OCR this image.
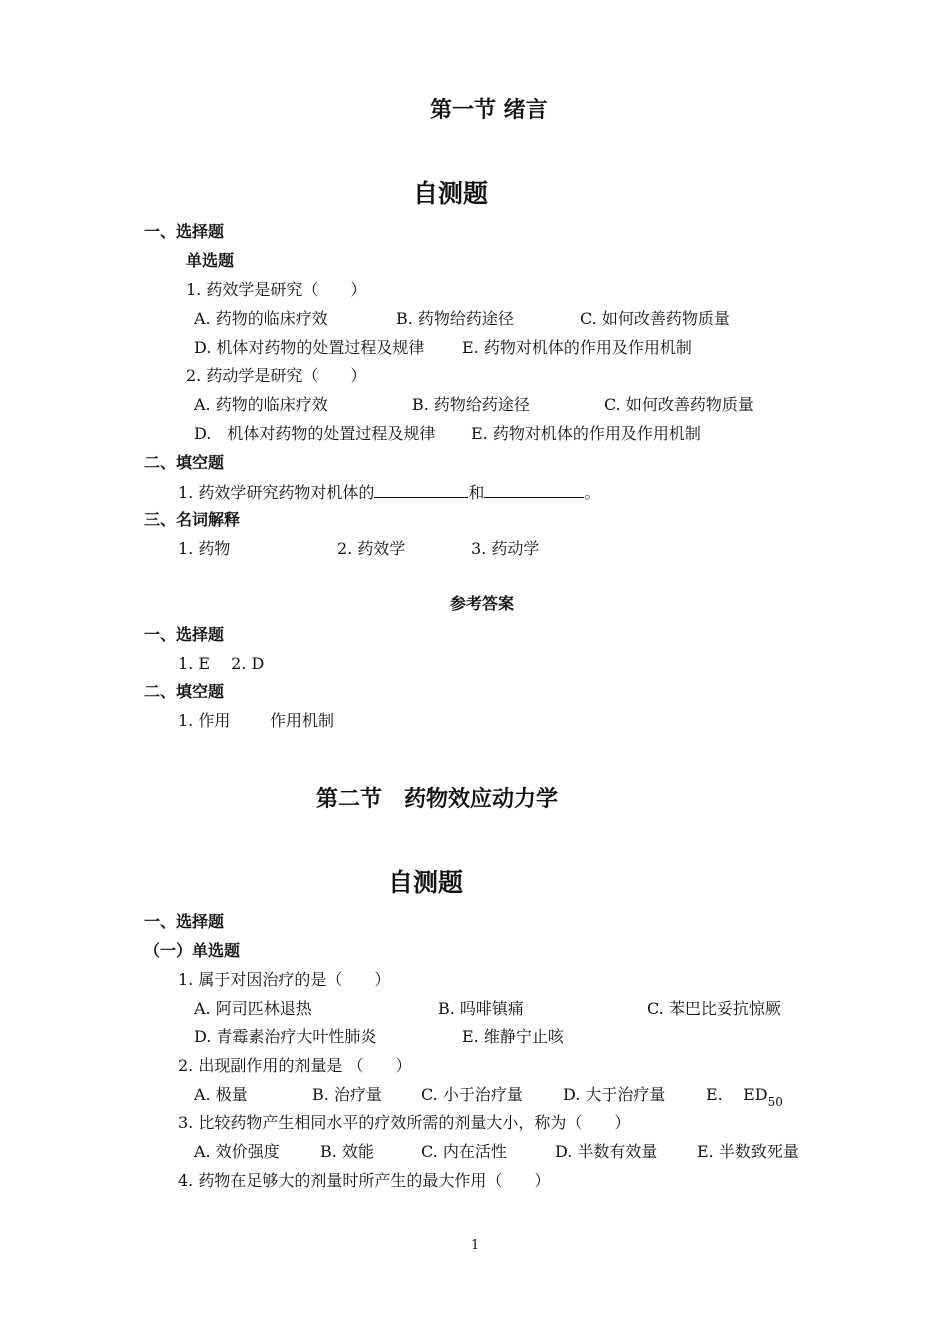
第一节 绪言
自测题
一、选择题
单选题
1. 药效学是研究（　　）
A. 药物的临床疗效	B. 药物给药途径	C. 如何改善药物质量
D. 机体对药物的处置过程及规律 E. 药物对机体的作用及作用机制
2. 药动学是研究（　　）
A. 药物的临床疗效	B. 药物给药途径	C. 如何改善药物质量
D.　机体对药物的处置过程及规律 E. 药物对机体的作用及作用机制
二、填空题
1. 药效学研究药物对机体的	和	。
三、名词解释
1. 药物	2. 药效学	3. 药动学
参考答案
一、选择题
1. E　 2. D
二、填空题
1. 作用 作用机制
第二节　药物效应动力学
自测题
一、选择题
（一）单选题
1. 属于对因治疗的是（　　）
A. 阿司匹林退热	B. 吗啡镇痛	C. 苯巴比妥抗惊厥
D. 青霉素治疗大叶性肺炎	E. 维静宁止咳
2. 出现副作用的剂量是 （　　）
A. 极量	B. 治疗量 C. 小于治疗量	D. 大于治疗量	E. $ED_{50}$
3. 比较药物产生相同水平的疗效所需的剂量大小，称为（　　）
A. 效价强度	B. 效能	C. 内在活性	D. 半数有效量 E. 半数致死量
4. 药物在足够大的剂量时所产生的最大作用（　　）
1
